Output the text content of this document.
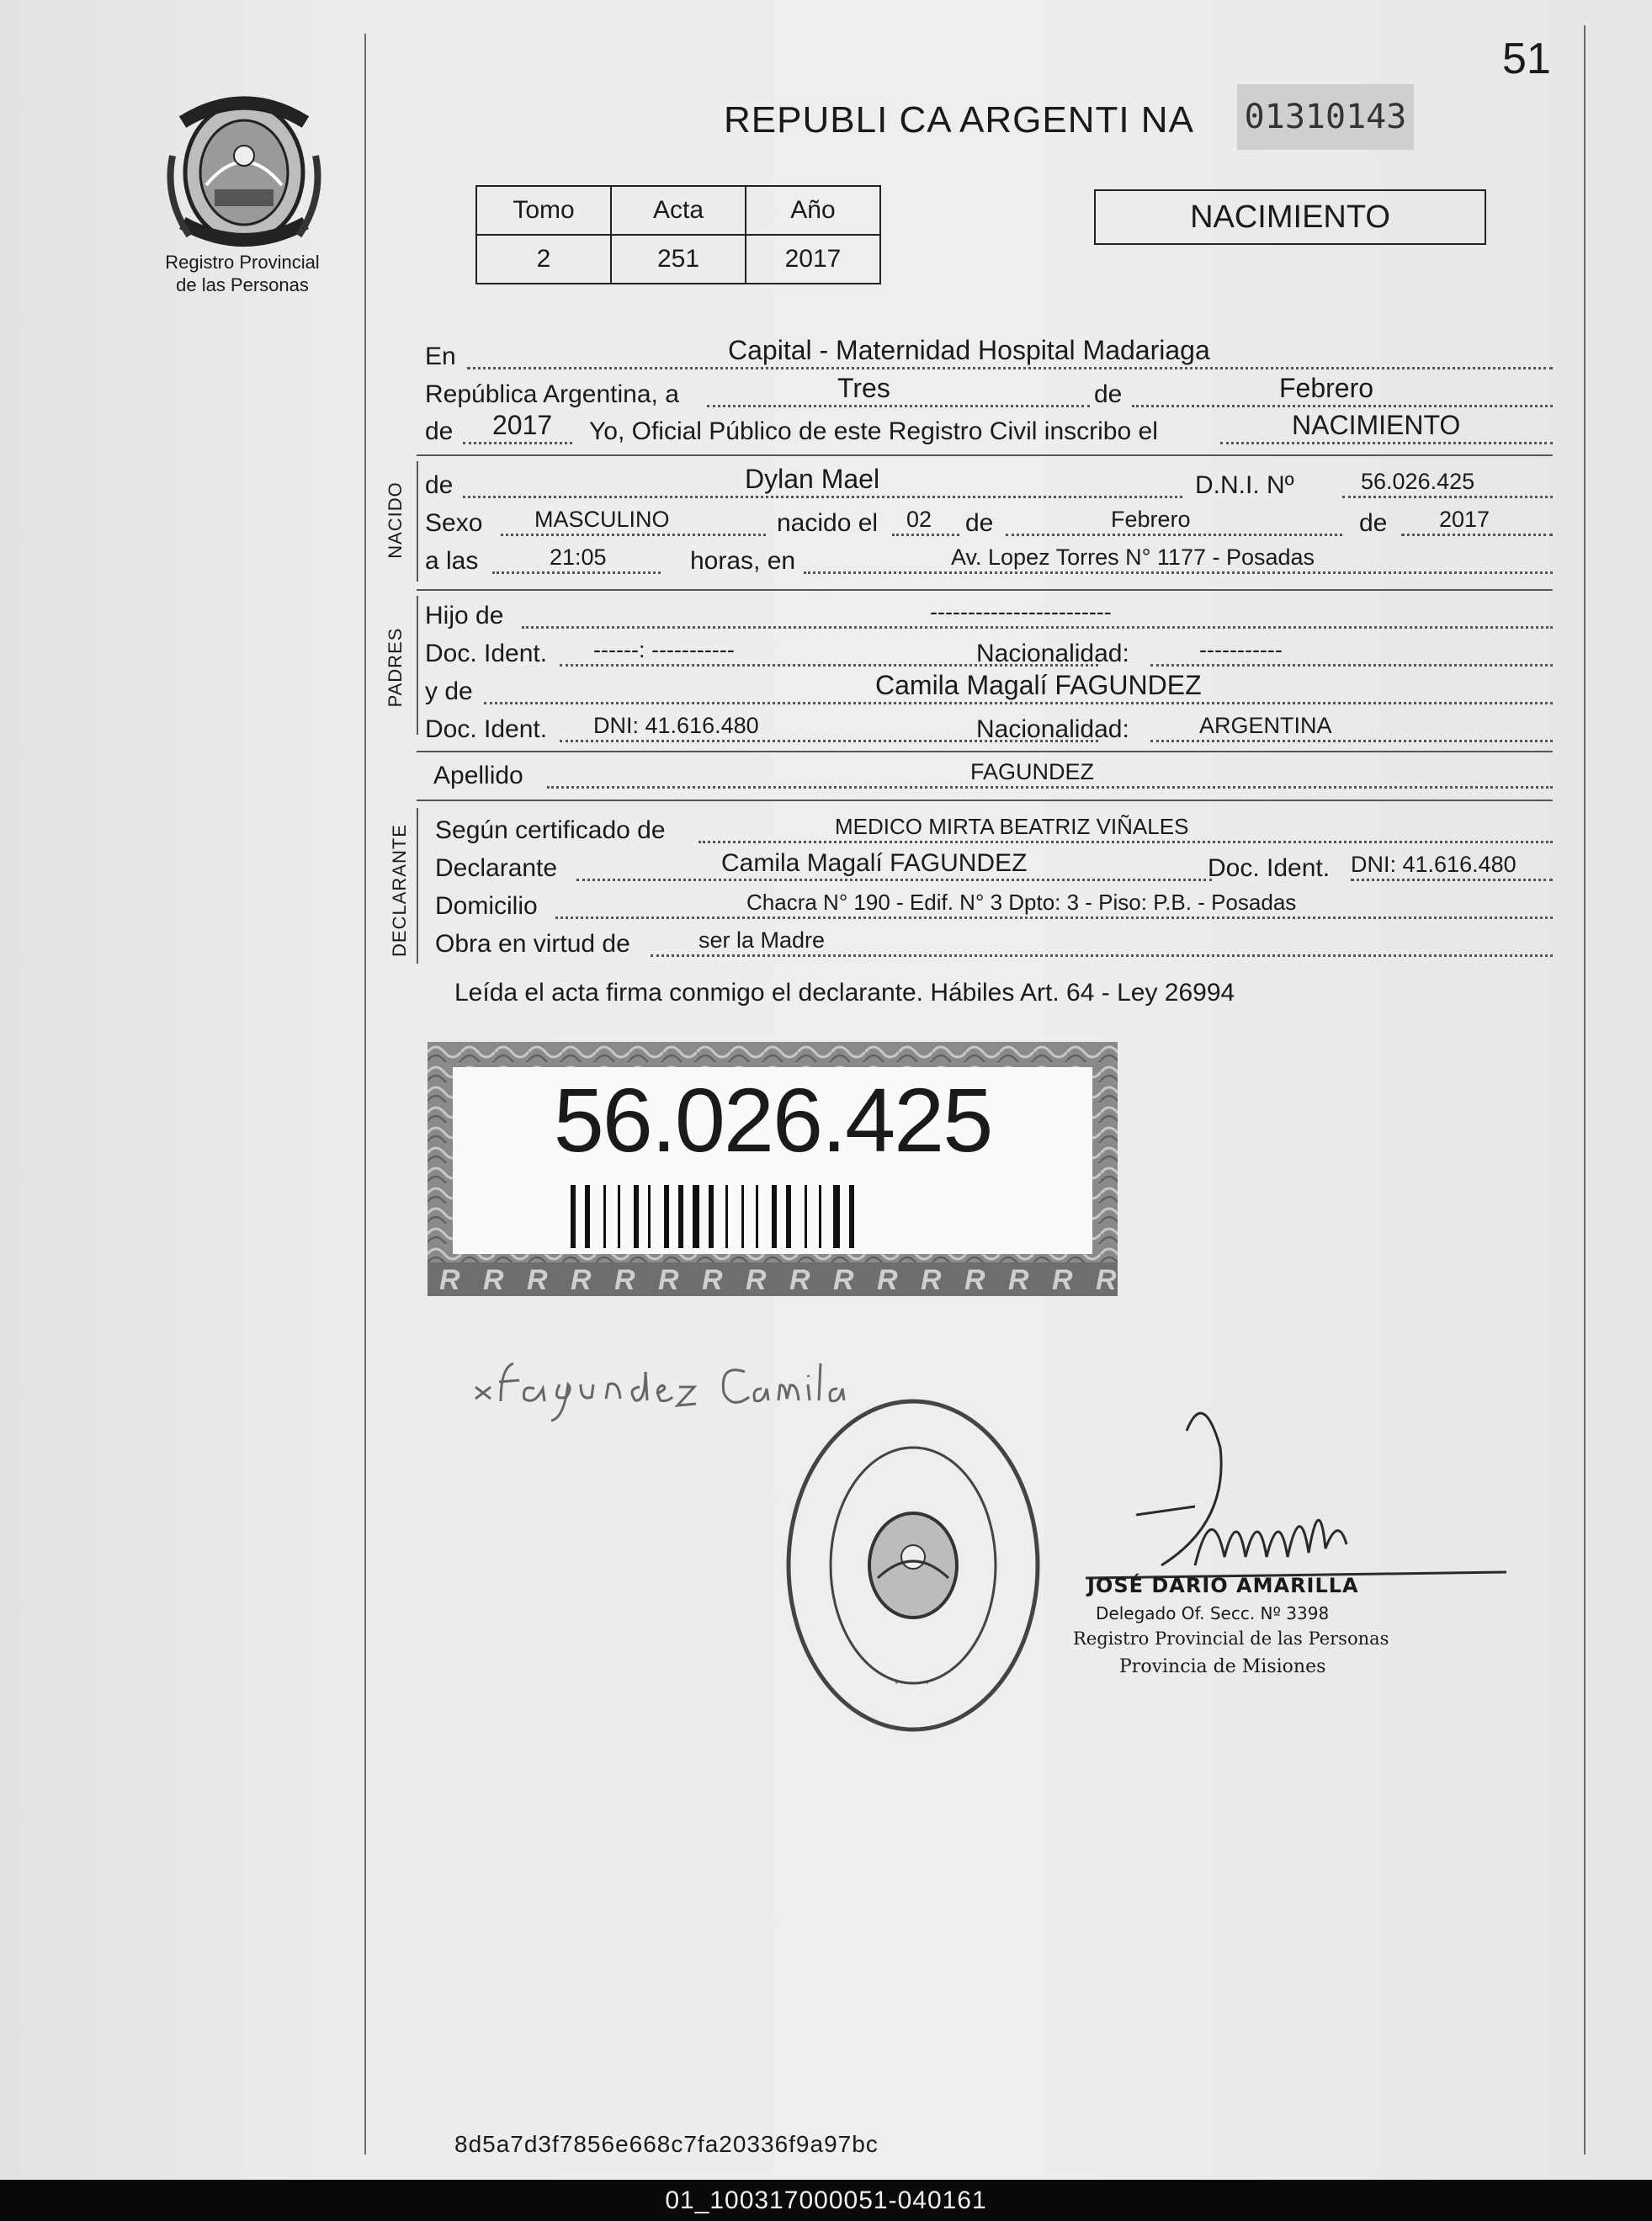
51
Registro Provincial
de las Personas
REPUBLI CA ARGENTI NA 01310143
Tomo	Acta	Año
2	251	2017
NACIMIENTO
En	Capital - Maternidad Hospital Madariaga
República Argentina, a	Tres	de	Febrero
de 2017 Yo, Oficial Público de este Registro Civil inscribo el	NACIMIENTO
NACIDO de	Dylan Mael	D.N.I. Nº	56.026.425
Sexo MASCULINO	nacido el 02 de	Febrero	de 2017
a las	21:05	horas, en	Av. Lopez Torres N° 1177 - Posadas
PADRES
Hijo de	------------------------
Doc. Ident. ------: -----------	Nacionalidad:	-----------
y de	Camila Magalí FAGUNDEZ
Doc. Ident. DNI: 41.616.480	Nacionalidad:	ARGENTINA
Apellido	FAGUNDEZ
DECLARANTE Según certificado de	MEDICO MIRTA BEATRIZ VIÑALES
Declarante	Camila Magalí FAGUNDEZ	Doc. Ident. DNI: 41.616.480
Domicilio	Chacra N° 190 - Edif. N° 3 Dpto: 3 - Piso: P.B. - Posadas
Obra en virtud de	ser la Madre
Leída el acta firma conmigo el declarante. Hábiles Art. 64 - Ley 26994
R R R R R R R R R R R R R R R R
56.026.425
· · ·
JOSÉ DARIO AMARILLA
Delegado Of. Secc. Nº 3398
Registro Provincial de las Personas
Provincia de Misiones
8d5a7d3f7856e668c7fa20336f9a97bc
01_100317000051-040161
